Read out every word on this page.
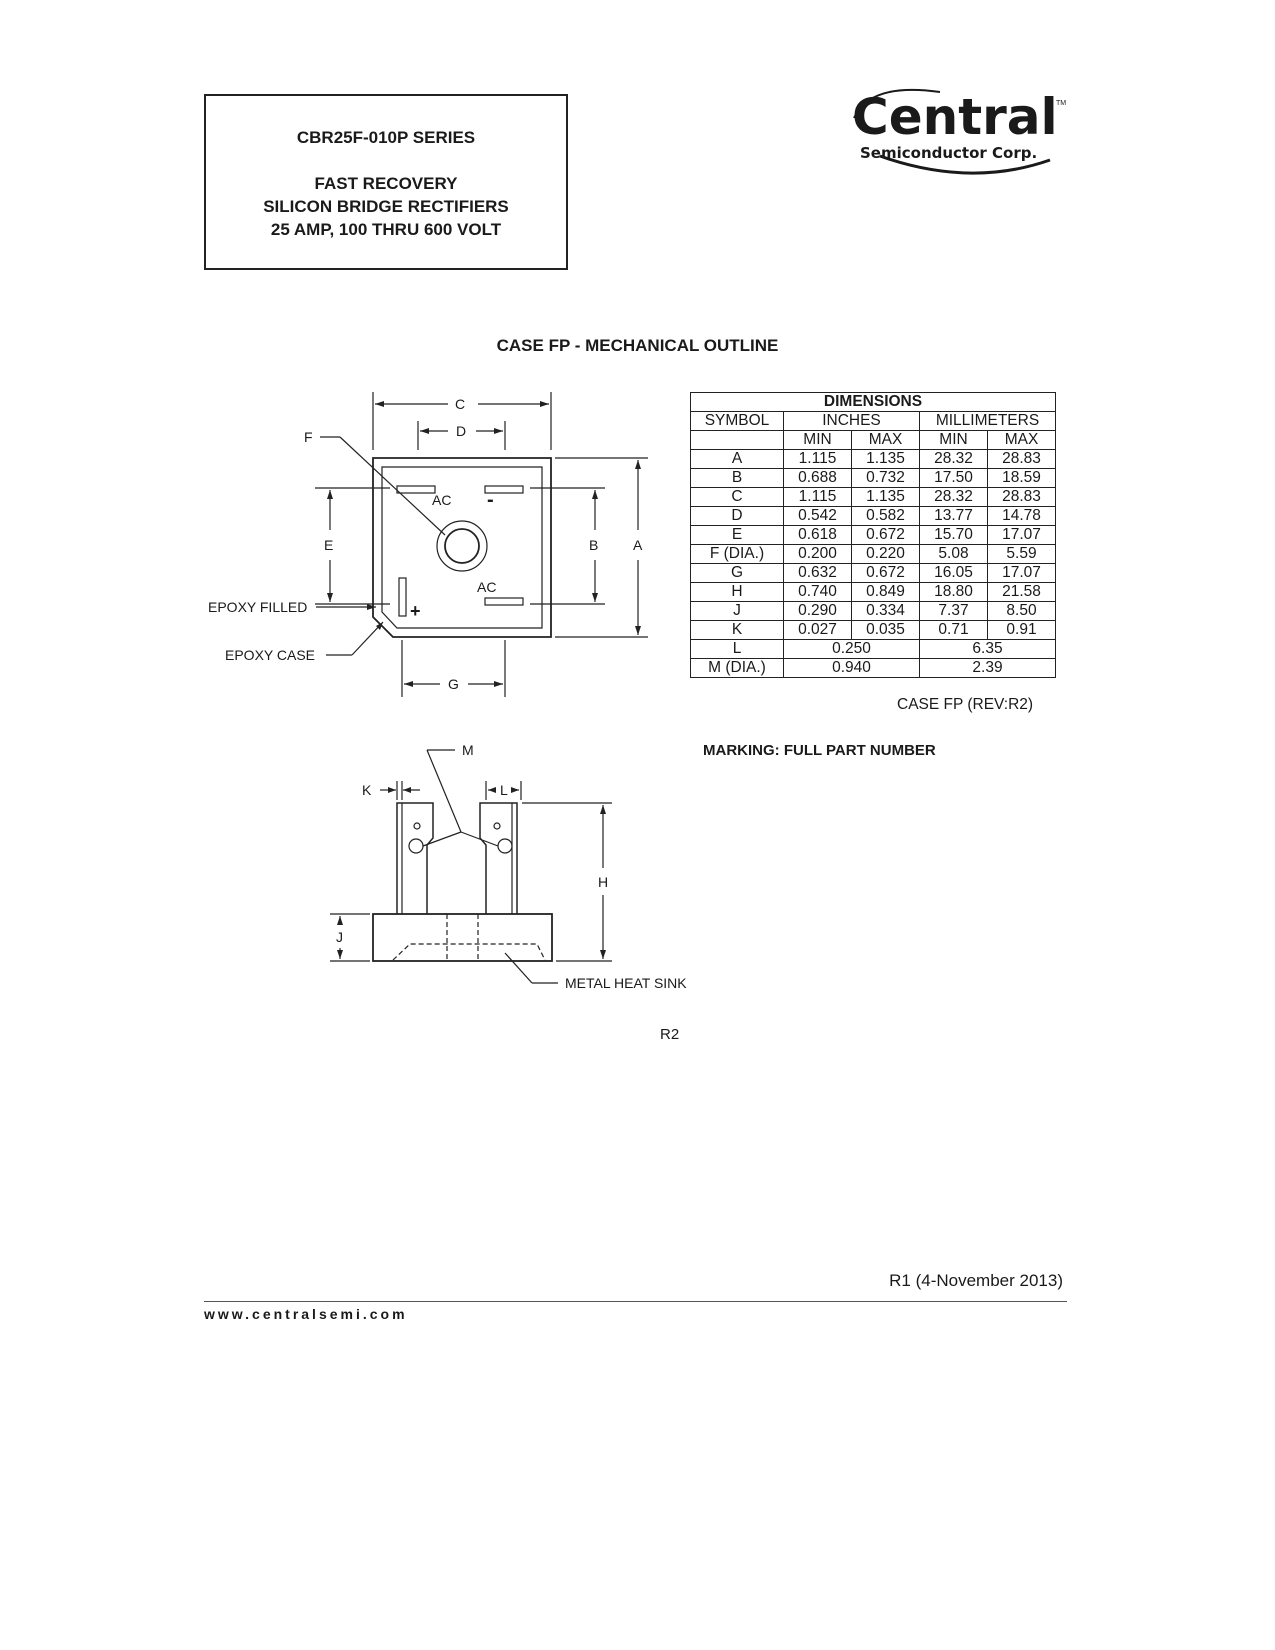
CBR25F-010P SERIES
FAST RECOVERY
SILICON BRIDGE RECTIFIERS
25 AMP, 100 THRU 600 VOLT
Central
TM
Semiconductor Corp.
CASE FP - MECHANICAL OUTLINE
C
D
F
E	B A
G
AC
AC
-
+
EPOXY FILLED
EPOXY CASE
M
K	L
H
J
METAL HEAT SINK
DIMENSIONS				
SYMBOL	INCHES		MILLIMETERS	
	MIN	MAX	MIN	MAX
A	1.115	1.135	28.32	28.83
B	0.688	0.732	17.50	18.59
C	1.115	1.135	28.32	28.83
D	0.542	0.582	13.77	14.78
E	0.618	0.672	15.70	17.07
F (DIA.)	0.200	0.220	5.08	5.59
G	0.632	0.672	16.05	17.07
H	0.740	0.849	18.80	21.58
J	0.290	0.334	7.37	8.50
K	0.027	0.035	0.71	0.91
L	0.250		6.35	
M (DIA.)	0.940		2.39	
CASE FP (REV:R2)
MARKING: FULL PART NUMBER
R2
R1 (4-November 2013)
www.centralsemi.com
